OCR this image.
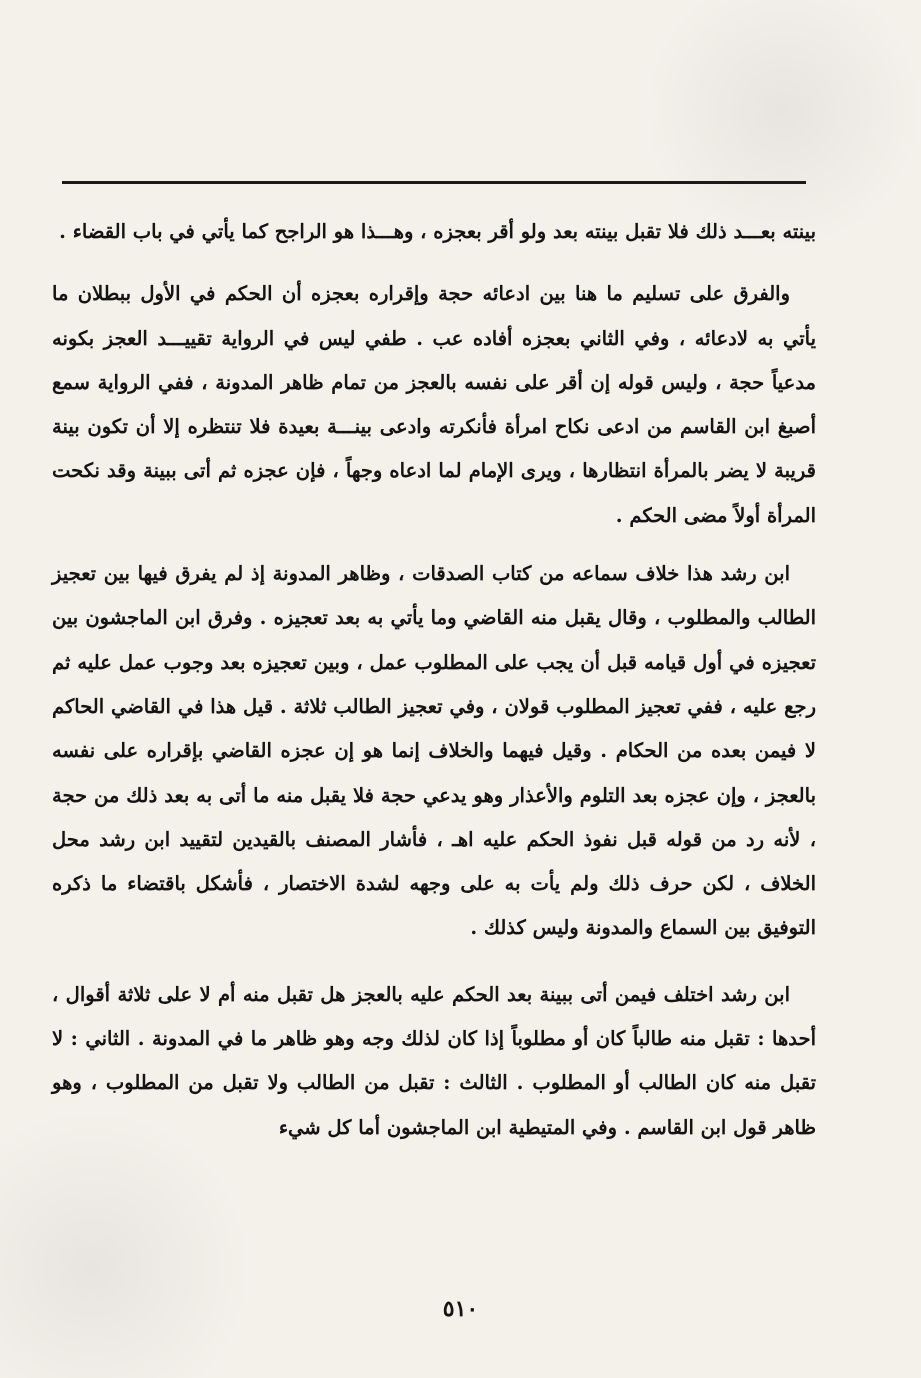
بينته بعـــد ذلك فلا تقبل بينته بعد ولو أقر بعجزه ، وهـــذا هو الراجح كما يأتي في باب القضاء .

والفرق على تسليم ما هنا بين ادعائه حجة وإقراره بعجزه أن الحكم في الأول ببطلان ما يأتي به لادعائه ، وفي الثاني بعجزه أفاده عب . طفي ليس في الرواية تقييـــد العجز بكونه مدعياً حجة ، وليس قوله إن أقر على نفسه بالعجز من تمام ظاهر المدونة ، ففي الرواية سمع أصبغ ابن القاسم من ادعى نكاح امرأة فأنكرته وادعى بينـــة بعيدة فلا تنتظره إلا أن تكون بينة قريبة لا يضر بالمرأة انتظارها ، ويرى الإمام لما ادعاه وجهاً ، فإن عجزه ثم أتى ببينة وقد نكحت المرأة أولاً مضى الحكم .

ابن رشد هذا خلاف سماعه من كتاب الصدقات ، وظاهر المدونة إذ لم يفرق فيها بين تعجيز الطالب والمطلوب ، وقال يقبل منه القاضي وما يأتي به بعد تعجيزه . وفرق ابن الماجشون بين تعجيزه في أول قيامه قبل أن يجب على المطلوب عمل ، وبين تعجيزه بعد وجوب عمل عليه ثم رجع عليه ، ففي تعجيز المطلوب قولان ، وفي تعجيز الطالب ثلاثة . قيل هذا في القاضي الحاكم لا فيمن بعده من الحكام . وقيل فيهما والخلاف إنما هو إن عجزه القاضي بإقراره على نفسه بالعجز ، وإن عجزه بعد التلوم والأعذار وهو يدعي حجة فلا يقبل منه ما أتى به بعد ذلك من حجة ، لأنه رد من قوله قبل نفوذ الحكم عليه اهـ ، فأشار المصنف بالقيدين لتقييد ابن رشد محل الخلاف ، لكن حرف ذلك ولم يأت به على وجهه لشدة الاختصار ، فأشكل باقتضاء ما ذكره التوفيق بين السماع والمدونة وليس كذلك .

ابن رشد اختلف فيمن أتى ببينة بعد الحكم عليه بالعجز هل تقبل منه أم لا على ثلاثة أقوال ، أحدها : تقبل منه طالباً كان أو مطلوباً إذا كان لذلك وجه وهو ظاهر ما في المدونة . الثاني : لا تقبل منه كان الطالب أو المطلوب . الثالث : تقبل من الطالب ولا تقبل من المطلوب ، وهو ظاهر قول ابن القاسم . وفي المتيطية ابن الماجشون أما كل شيء

٥١٠
